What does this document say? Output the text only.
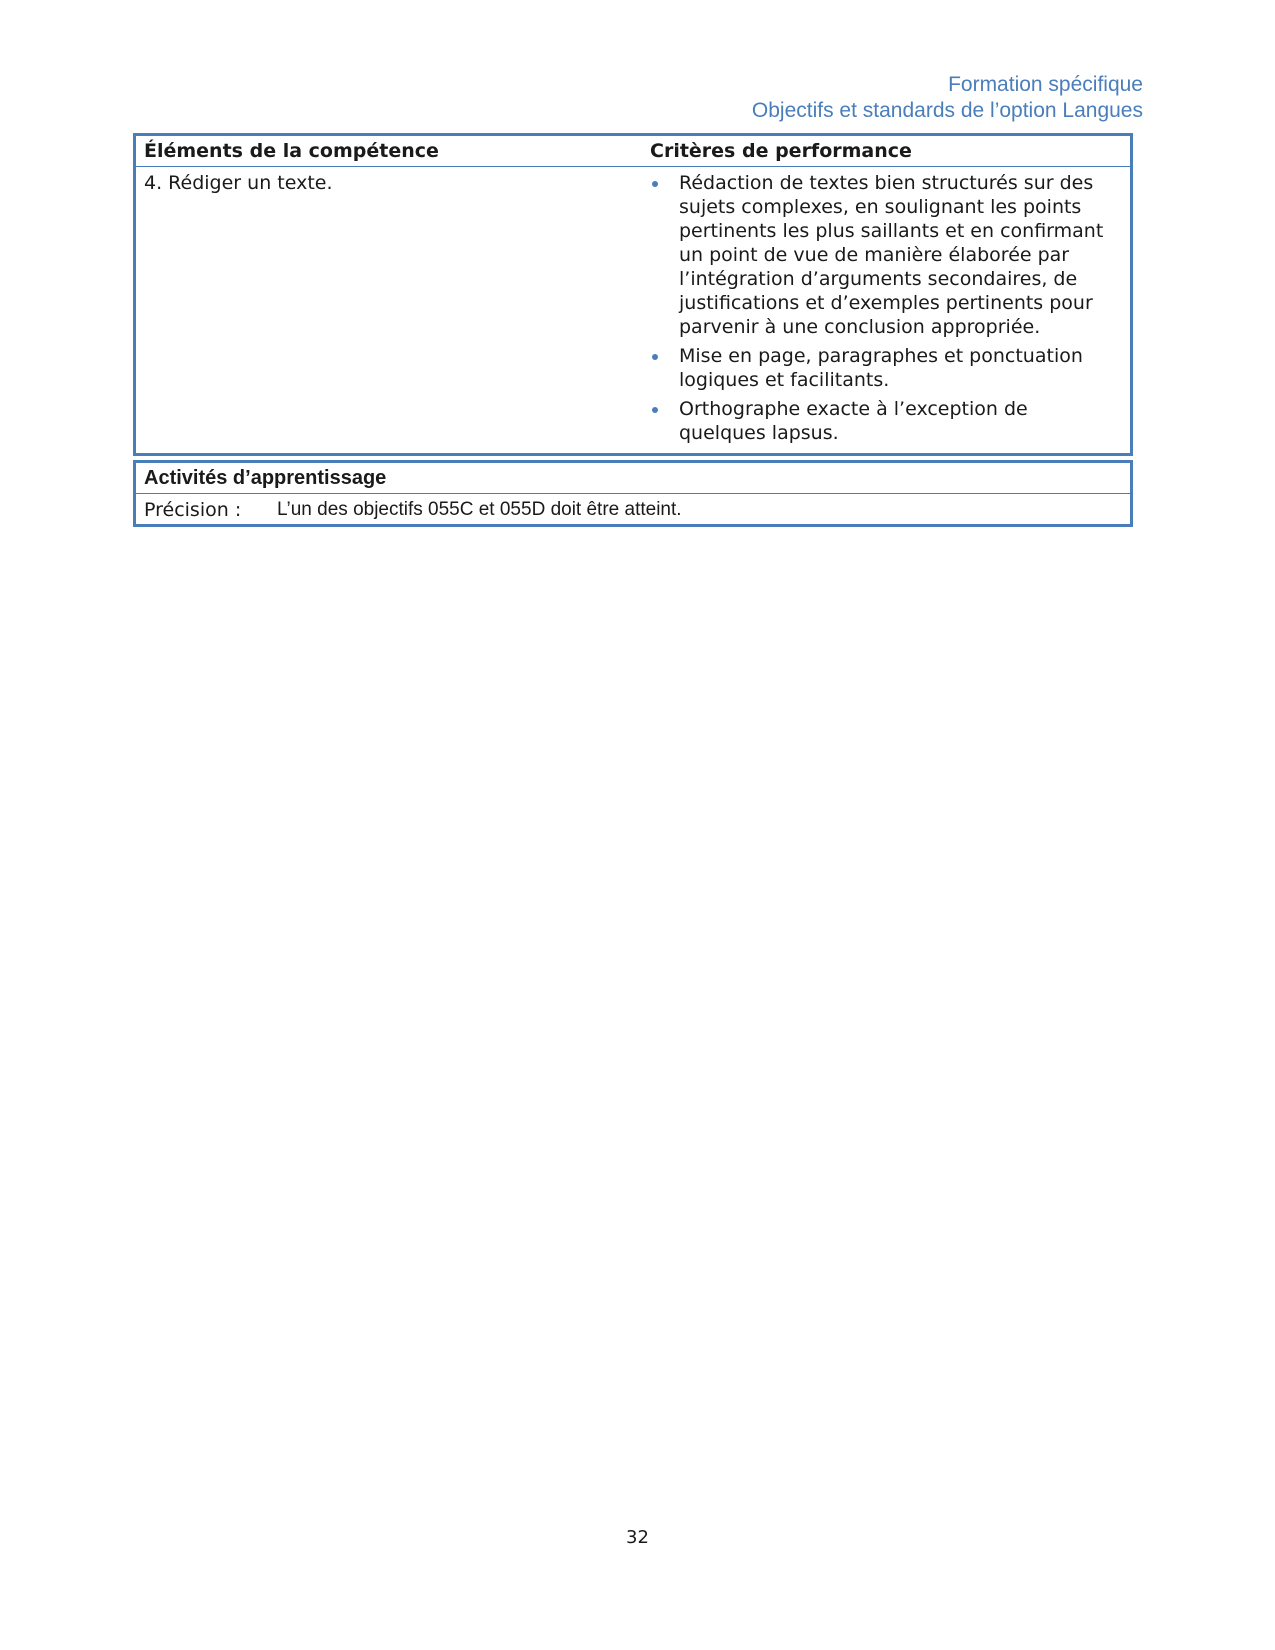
Formation spécifique
Objectifs et standards de l’option Langues
Éléments de la compétence	Critères de performance
4. Rédiger un texte.	Rédaction de textes bien structurés sur des sujets complexes, en soulignant les points pertinents les plus saillants et en confirmant un point de vue de manière élaborée par l’intégration d’arguments secondaires, de justifications et d’exemples pertinents pour parvenir à une conclusion appropriée.
Mise en page, paragraphes et ponctuation logiques et facilitants.
Orthographe exacte à l’exception de quelques lapsus.
Activités d’apprentissage
Précision :	L’un des objectifs 055C et 055D doit être atteint.
32
